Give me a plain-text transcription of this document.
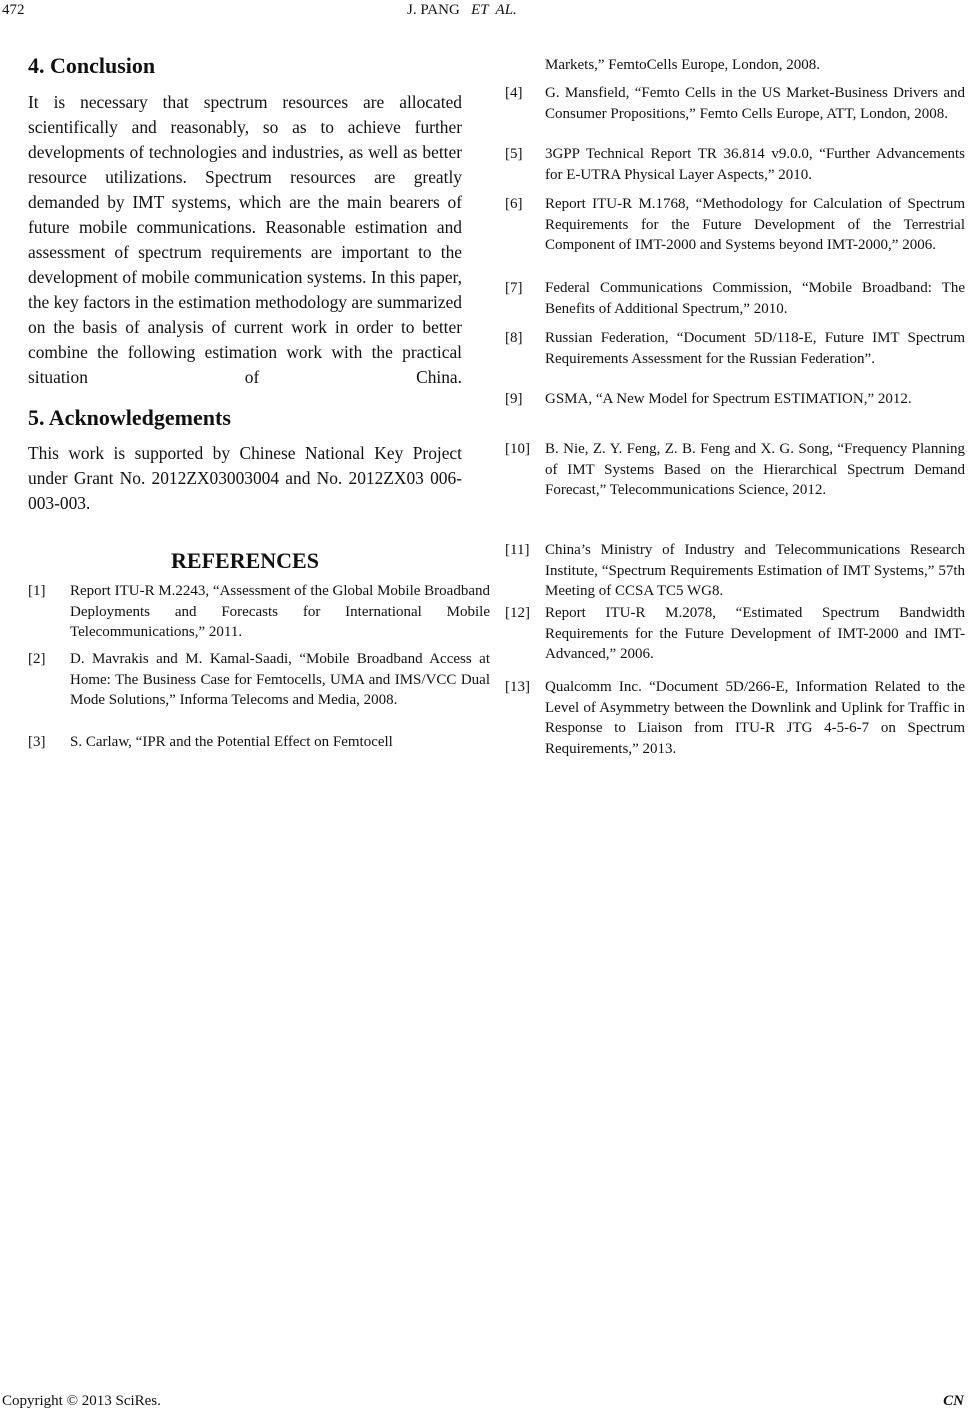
472	J. PANG ET  AL.
4. Conclusion

It is necessary that spectrum resources are allocated scientifically and reasonably, so as to achieve further developments of technologies and industries, as well as better resource utilizations. Spectrum resources are greatly demanded by IMT systems, which are the main bearers of future mobile communications. Reasonable estimation and assessment of spectrum requirements are important to the development of mobile communication systems. In this paper, the key factors in the estimation methodology are summarized on the basis of analysis of current work in order to better combine the following estimation work with the practical situation of China.

5. Acknowledgements

This work is supported by Chinese National Key Project under Grant No. 2012ZX03003004 and No. 2012ZX03 006-003-003.

REFERENCES
[1] Report ITU-R M.2243, “Assessment of the Global Mobile Broadband Deployments and Forecasts for International Mobile Telecommunications,” 2011.
[2] D. Mavrakis and M. Kamal-Saadi, “Mobile Broadband Access at Home: The Business Case for Femtocells, UMA and IMS/VCC Dual Mode Solutions,” Informa Telecoms and Media, 2008.
[3] S. Carlaw, “IPR and the Potential Effect on Femtocell
[4] G. Mansfield, “Femto Cells in the US Market-Business Drivers and Consumer Propositions,” Femto Cells Europe, ATT, London, 2008.
[5] 3GPP Technical Report TR 36.814 v9.0.0, “Further Advancements for E-UTRA Physical Layer Aspects,” 2010.
[6] Report ITU-R M.1768, “Methodology for Calculation of Spectrum Requirements for the Future Development of the Terrestrial Component of IMT-2000 and Systems beyond IMT-2000,” 2006.
[7] Federal Communications Commission, “Mobile Broadband: The Benefits of Additional Spectrum,” 2010.
[8] Russian Federation, “Document 5D/118-E, Future IMT Spectrum Requirements Assessment for the Russian Federation”.
[9] GSMA, “A New Model for Spectrum ESTIMATION,” 2012.
[10] B. Nie, Z. Y. Feng, Z. B. Feng and X. G. Song, “Frequency Planning of IMT Systems Based on the Hierarchical Spectrum Demand Forecast,” Telecommunications Science, 2012.
[11] China’s Ministry of Industry and Telecommunications Research Institute, “Spectrum Requirements Estimation of IMT Systems,” 57th Meeting of CCSA TC5 WG8.
[12] Report ITU-R M.2078, “Estimated Spectrum Bandwidth Requirements for the Future Development of IMT-2000 and IMT-Advanced,” 2006.
[13] Qualcomm Inc. “Document 5D/266-E, Information Related to the Level of Asymmetry between the Downlink and Uplink for Traffic in Response to Liaison from ITU-R JTG 4-5-6-7 on Spectrum Requirements,” 2013.
Markets,” FemtoCells Europe, London, 2008.
Copyright © 2013 SciRes.	CN
